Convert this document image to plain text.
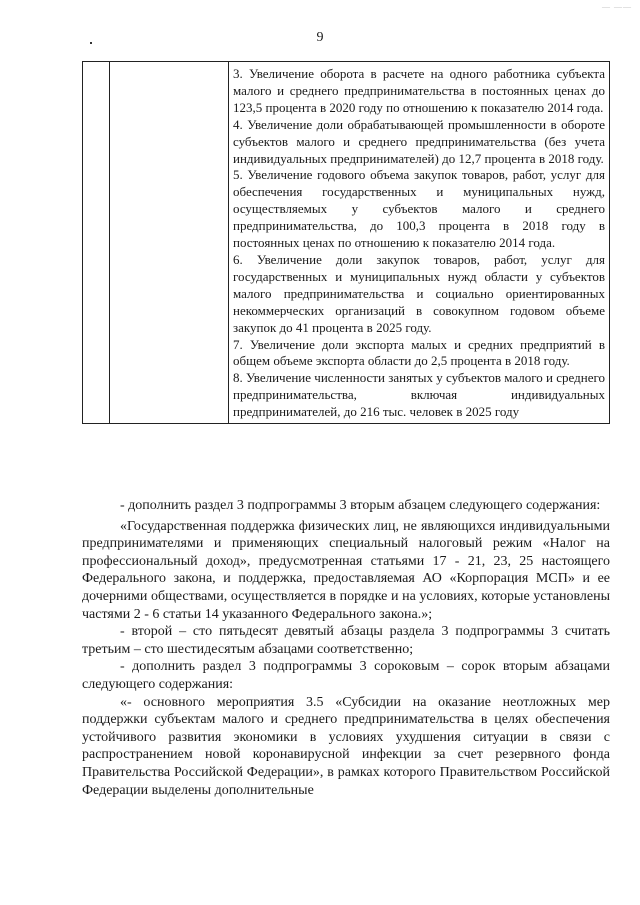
— ——
9

3. Увеличение оборота в расчете на одного работника субъекта малого и среднего предпринимательства в постоянных ценах до 123,5 процента в 2020 году по отношению к показателю 2014 года.

4. Увеличение доли обрабатывающей промышленности в обороте субъектов малого и среднего предпринимательства (без учета индивидуальных предпринимателей) до 12,7 процента в 2018 году.

5. Увеличение годового объема закупок товаров, работ, услуг для обеспечения государственных и муниципальных нужд, осуществляемых у субъектов малого и среднего предпринимательства, до 100,3 процента в 2018 году в постоянных ценах по отношению к показателю 2014 года.

6. Увеличение доли закупок товаров, работ, услуг для государственных и муниципальных нужд области у субъектов малого предпринимательства и социально ориентированных некоммерческих организаций в совокупном годовом объеме закупок до 41 процента в 2025 году.

7. Увеличение доли экспорта малых и средних предприятий в общем объеме экспорта области до 2,5 процента в 2018 году.

8. Увеличение численности занятых у субъектов малого и среднего предпринимательства, включая индивидуальных предпринимателей, до 216 тыс. человек в 2025 году

- дополнить раздел 3 подпрограммы 3 вторым абзацем следующего содержания:

«Государственная поддержка физических лиц, не являющихся индивидуальными предпринимателями и применяющих специальный налоговый режим «Налог на профессиональный доход», предусмотренная статьями 17 - 21, 23, 25 настоящего Федерального закона, и поддержка, предоставляемая АО «Корпорация МСП» и ее дочерними обществами, осуществляется в порядке и на условиях, которые установлены частями 2 - 6 статьи 14 указанного Федерального закона.»;

- второй – сто пятьдесят девятый абзацы раздела 3 подпрограммы 3 считать третьим – сто шестидесятым абзацами соответственно;

- дополнить раздел 3 подпрограммы 3 сороковым – сорок вторым абзацами следующего содержания:

«- основного мероприятия 3.5 «Субсидии на оказание неотложных мер поддержки субъектам малого и среднего предпринимательства в целях обеспечения устойчивого развития экономики в условиях ухудшения ситуации в связи с распространением новой коронавирусной инфекции за счет резервного фонда Правительства Российской Федерации», в рамках которого Правительством Российской Федерации выделены дополнительные
